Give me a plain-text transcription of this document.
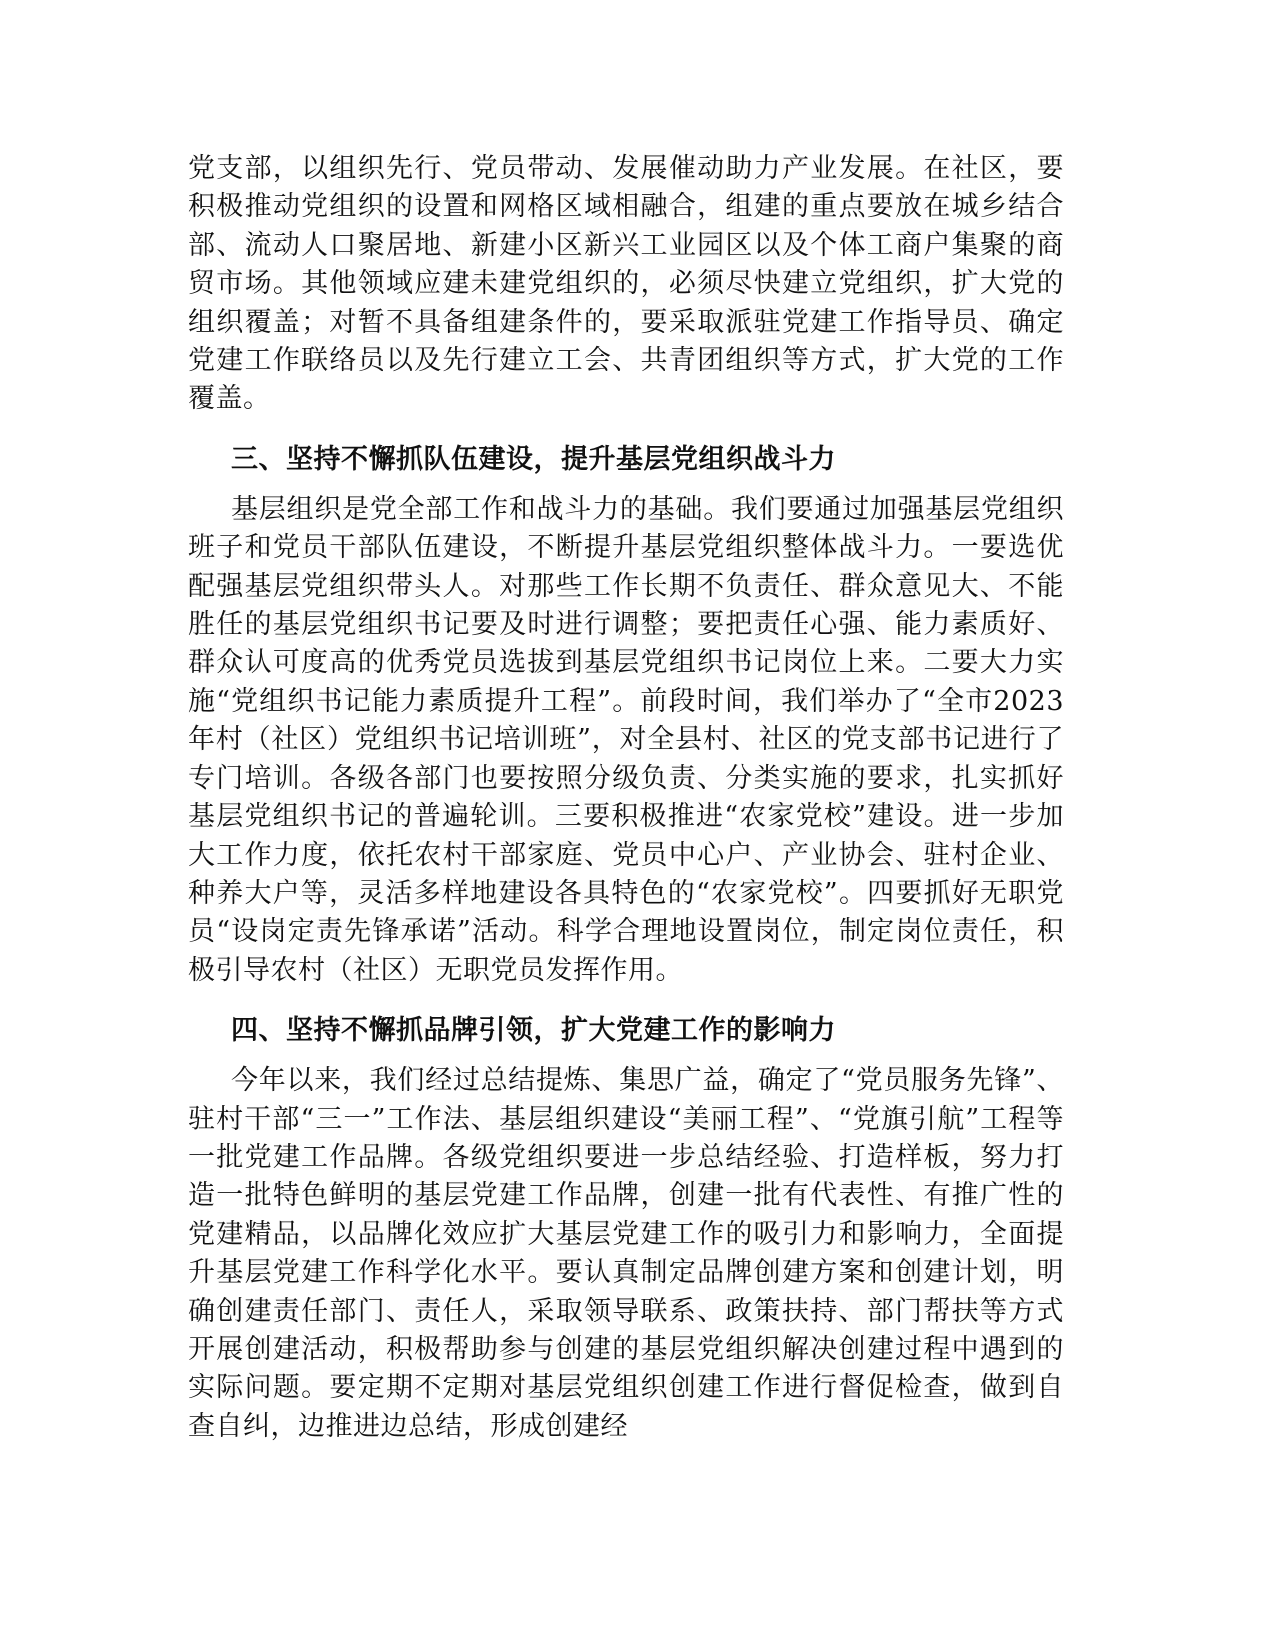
党支部，以组织先行、党员带动、发展催动助力产业发展。在社区，要积极推动党组织的设置和网格区域相融合，组建的重点要放在城乡结合部、流动人口聚居地、新建小区新兴工业园区以及个体工商户集聚的商贸市场。其他领域应建未建党组织的，必须尽快建立党组织，扩大党的组织覆盖；对暂不具备组建条件的，要采取派驻党建工作指导员、确定党建工作联络员以及先行建立工会、共青团组织等方式，扩大党的工作覆盖。

三、坚持不懈抓队伍建设，提升基层党组织战斗力

基层组织是党全部工作和战斗力的基础。我们要通过加强基层党组织班子和党员干部队伍建设，不断提升基层党组织整体战斗力。一要选优配强基层党组织带头人。对那些工作长期不负责任、群众意见大、不能胜任的基层党组织书记要及时进行调整；要把责任心强、能力素质好、群众认可度高的优秀党员选拔到基层党组织书记岗位上来。二要大力实施“党组织书记能力素质提升工程”。前段时间，我们举办了“全市2023年村（社区）党组织书记培训班”，对全县村、社区的党支部书记进行了专门培训。各级各部门也要按照分级负责、分类实施的要求，扎实抓好基层党组织书记的普遍轮训。三要积极推进“农家党校”建设。进一步加大工作力度，依托农村干部家庭、党员中心户、产业协会、驻村企业、种养大户等，灵活多样地建设各具特色的“农家党校”。四要抓好无职党员“设岗定责先锋承诺”活动。科学合理地设置岗位，制定岗位责任，积极引导农村（社区）无职党员发挥作用。

四、坚持不懈抓品牌引领，扩大党建工作的影响力

今年以来，我们经过总结提炼、集思广益，确定了“党员服务先锋”、驻村干部“三一”工作法、基层组织建设“美丽工程”、“党旗引航”工程等一批党建工作品牌。各级党组织要进一步总结经验、打造样板，努力打造一批特色鲜明的基层党建工作品牌，创建一批有代表性、有推广性的党建精品，以品牌化效应扩大基层党建工作的吸引力和影响力，全面提升基层党建工作科学化水平。要认真制定品牌创建方案和创建计划，明确创建责任部门、责任人，采取领导联系、政策扶持、部门帮扶等方式开展创建活动，积极帮助参与创建的基层党组织解决创建过程中遇到的实际问题。要定期不定期对基层党组织创建工作进行督促检查，做到自查自纠，边推进边总结，形成创建经
